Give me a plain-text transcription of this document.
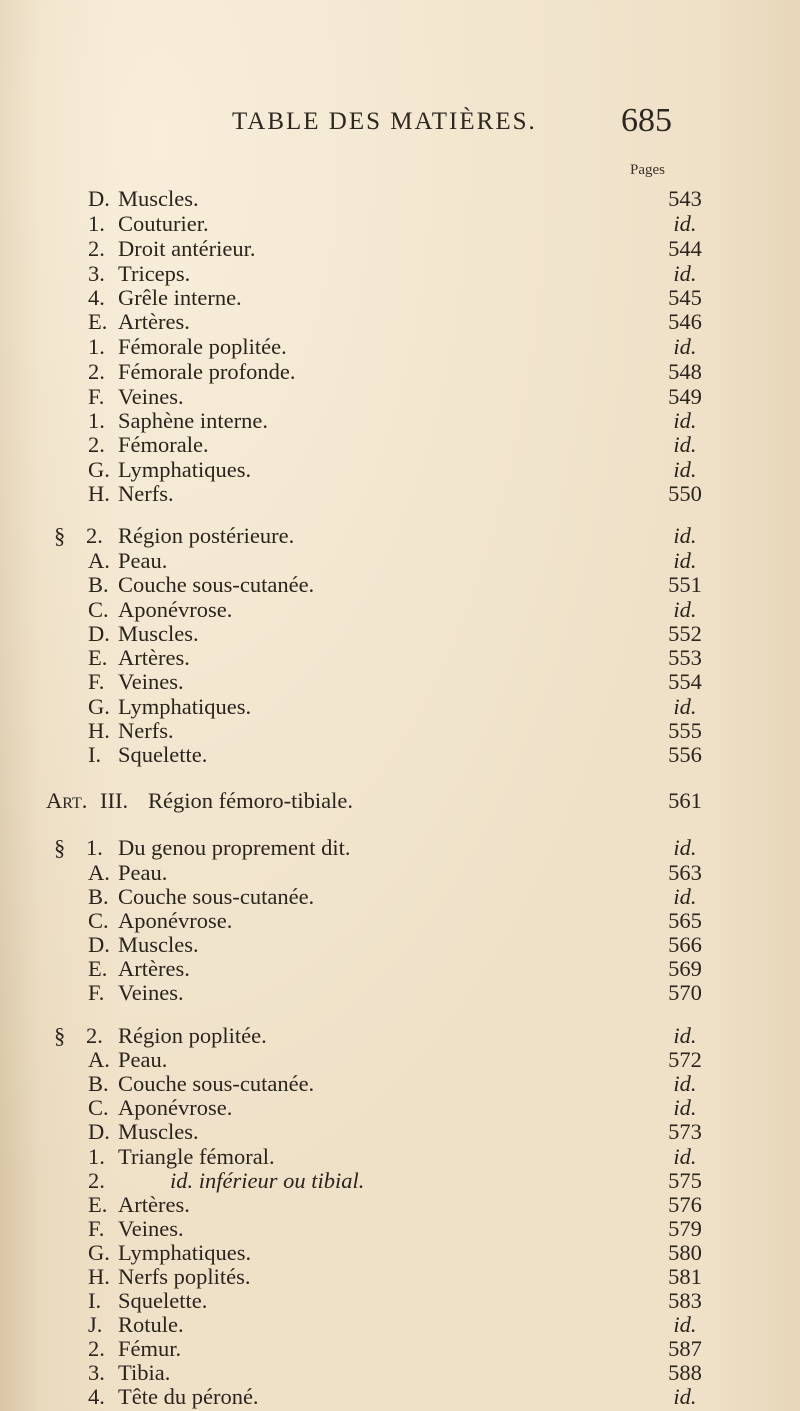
TABLE DES MATIÈRES. 685
Pages
D. Muscles.	543
1. Couturier.	id.
2. Droit antérieur.	544
3. Triceps.	id.
4. Grêle interne.	545
E. Artères.	546
1. Fémorale poplitée.	id.
2. Fémorale profonde.	548
F. Veines.	549
1. Saphène interne.	id.
2. Fémorale.	id.
G. Lymphatiques.	id.
H. Nerfs.	550
§ 2. Région postérieure.	id.
A. Peau.	id.
B. Couche sous-cutanée.	551
C. Aponévrose.	id.
D. Muscles.	552
E. Artères.	553
F. Veines.	554
G. Lymphatiques.	id.
H. Nerfs.	555
I. Squelette.	556
Art. III. Région fémoro-tibiale.	561
§ 1. Du genou proprement dit.	id.
A. Peau.	563
B. Couche sous-cutanée.	id.
C. Aponévrose.	565
D. Muscles.	566
E. Artères.	569
F. Veines.	570
§ 2. Région poplitée.	id.
A. Peau.	572
B. Couche sous-cutanée.	id.
C. Aponévrose.	id.
D. Muscles.	573
1. Triangle fémoral.	id.
2.	id. inférieur ou tibial.	575
E. Artères.	576
F. Veines.	579
G. Lymphatiques.	580
H. Nerfs poplités.	581
I. Squelette.	583
J. Rotule.	id.
2. Fémur.	587
3. Tibia.	588
4. Tête du péroné.	id.
